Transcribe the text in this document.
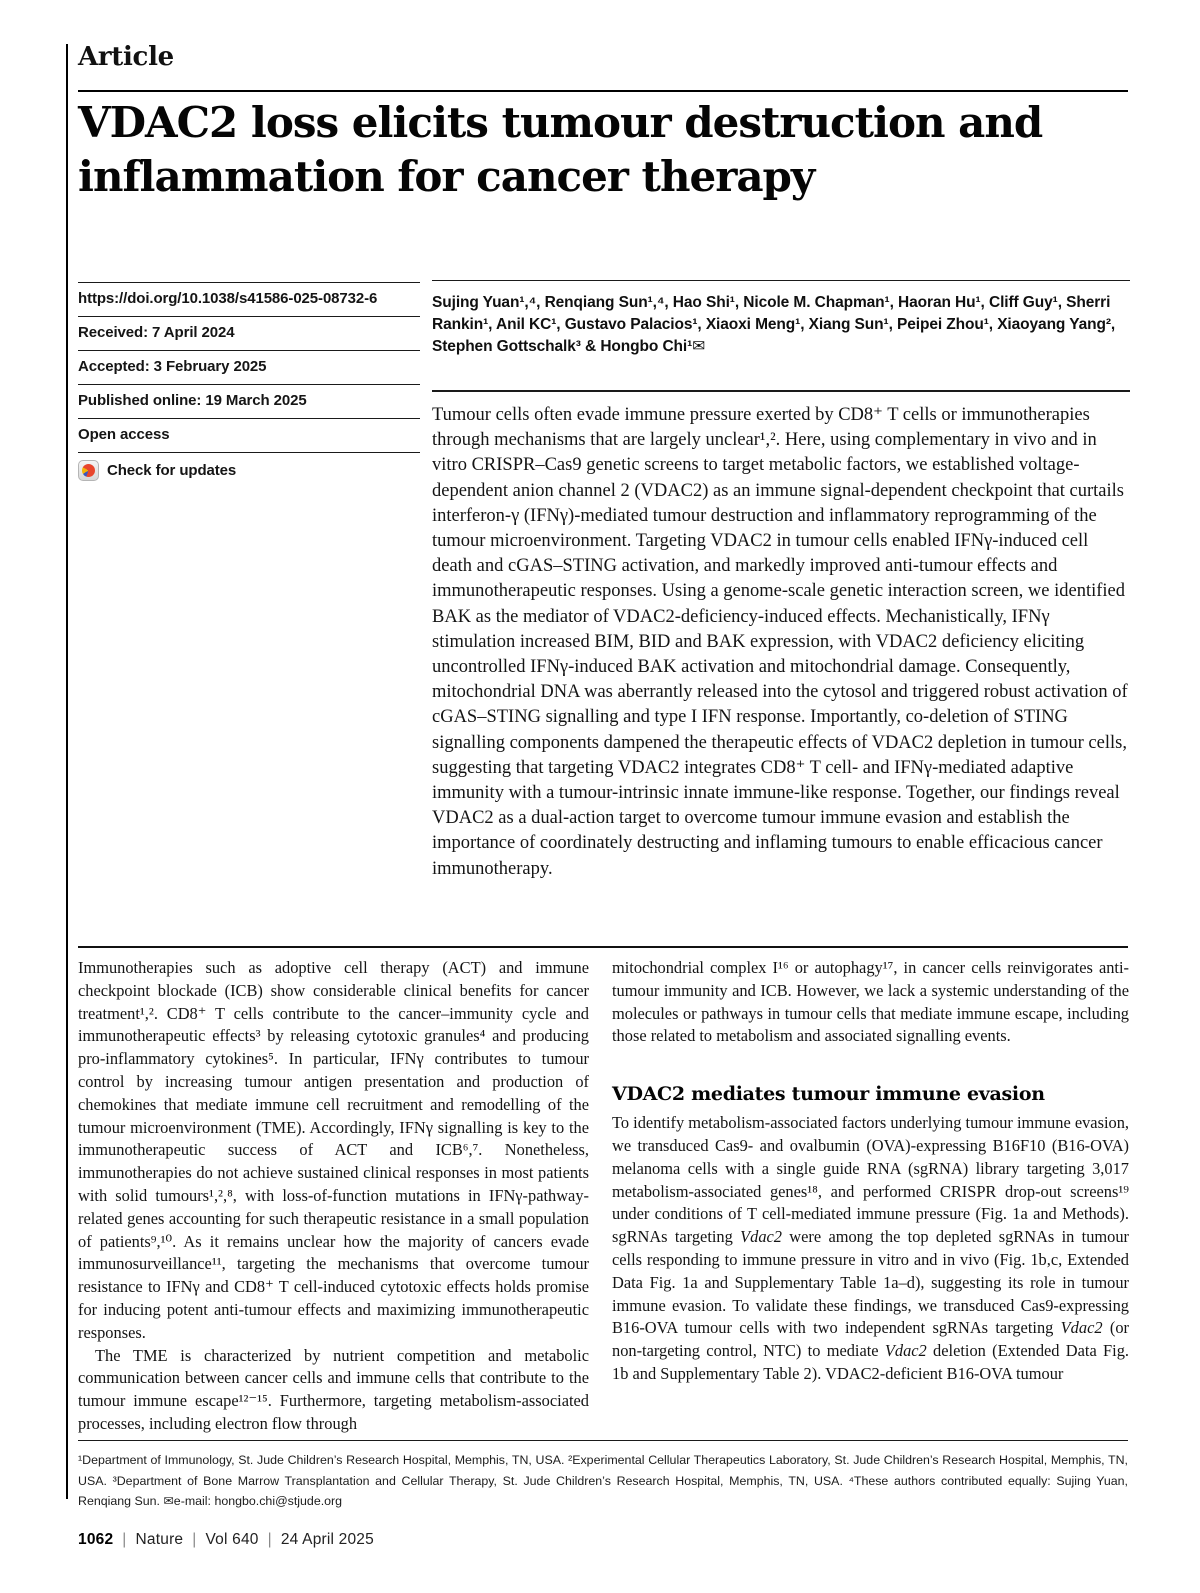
Article
VDAC2 loss elicits tumour destruction and inflammation for cancer therapy
https://doi.org/10.1038/s41586-025-08732-6
Received: 7 April 2024
Accepted: 3 February 2025
Published online: 19 March 2025
Open access
Check for updates
Sujing Yuan¹,⁴, Renqiang Sun¹,⁴, Hao Shi¹, Nicole M. Chapman¹, Haoran Hu¹, Cliff Guy¹, Sherri Rankin¹, Anil KC¹, Gustavo Palacios¹, Xiaoxi Meng¹, Xiang Sun¹, Peipei Zhou¹, Xiaoyang Yang², Stephen Gottschalk³ & Hongbo Chi¹✉
Tumour cells often evade immune pressure exerted by CD8⁺ T cells or immunotherapies through mechanisms that are largely unclear¹,². Here, using complementary in vivo and in vitro CRISPR–Cas9 genetic screens to target metabolic factors, we established voltage-dependent anion channel 2 (VDAC2) as an immune signal-dependent checkpoint that curtails interferon-γ (IFNγ)-mediated tumour destruction and inflammatory reprogramming of the tumour microenvironment. Targeting VDAC2 in tumour cells enabled IFNγ-induced cell death and cGAS–STING activation, and markedly improved anti-tumour effects and immunotherapeutic responses. Using a genome-scale genetic interaction screen, we identified BAK as the mediator of VDAC2-deficiency-induced effects. Mechanistically, IFNγ stimulation increased BIM, BID and BAK expression, with VDAC2 deficiency eliciting uncontrolled IFNγ-induced BAK activation and mitochondrial damage. Consequently, mitochondrial DNA was aberrantly released into the cytosol and triggered robust activation of cGAS–STING signalling and type I IFN response. Importantly, co-deletion of STING signalling components dampened the therapeutic effects of VDAC2 depletion in tumour cells, suggesting that targeting VDAC2 integrates CD8⁺ T cell- and IFNγ-mediated adaptive immunity with a tumour-intrinsic innate immune-like response. Together, our findings reveal VDAC2 as a dual-action target to overcome tumour immune evasion and establish the importance of coordinately destructing and inflaming tumours to enable efficacious cancer immunotherapy.

Immunotherapies such as adoptive cell therapy (ACT) and immune checkpoint blockade (ICB) show considerable clinical benefits for cancer treatment¹,². CD8⁺ T cells contribute to the cancer–immunity cycle and immunotherapeutic effects³ by releasing cytotoxic granules⁴ and producing pro-inflammatory cytokines⁵. In particular, IFNγ contributes to tumour control by increasing tumour antigen presentation and production of chemokines that mediate immune cell recruitment and remodelling of the tumour microenvironment (TME). Accordingly, IFNγ signalling is key to the immunotherapeutic success of ACT and ICB⁶,⁷. Nonetheless, immunotherapies do not achieve sustained clinical responses in most patients with solid tumours¹,²,⁸, with loss-of-function mutations in IFNγ-pathway-related genes accounting for such therapeutic resistance in a small population of patients⁹,¹⁰. As it remains unclear how the majority of cancers evade immunosurveillance¹¹, targeting the mechanisms that overcome tumour resistance to IFNγ and CD8⁺ T cell-induced cytotoxic effects holds promise for inducing potent anti-tumour effects and maximizing immunotherapeutic responses.

The TME is characterized by nutrient competition and metabolic communication between cancer cells and immune cells that contribute to the tumour immune escape¹²⁻¹⁵. Furthermore, targeting metabolism-associated processes, including electron flow through

mitochondrial complex I¹⁶ or autophagy¹⁷, in cancer cells reinvigorates anti-tumour immunity and ICB. However, we lack a systemic understanding of the molecules or pathways in tumour cells that mediate immune escape, including those related to metabolism and associated signalling events.

VDAC2 mediates tumour immune evasion

To identify metabolism-associated factors underlying tumour immune evasion, we transduced Cas9- and ovalbumin (OVA)-expressing B16F10 (B16-OVA) melanoma cells with a single guide RNA (sgRNA) library targeting 3,017 metabolism-associated genes¹⁸, and performed CRISPR drop-out screens¹⁹ under conditions of T cell-mediated immune pressure (Fig. 1a and Methods). sgRNAs targeting Vdac2 were among the top depleted sgRNAs in tumour cells responding to immune pressure in vitro and in vivo (Fig. 1b,c, Extended Data Fig. 1a and Supplementary Table 1a–d), suggesting its role in tumour immune evasion. To validate these findings, we transduced Cas9-expressing B16-OVA tumour cells with two independent sgRNAs targeting Vdac2 (or non-targeting control, NTC) to mediate Vdac2 deletion (Extended Data Fig. 1b and Supplementary Table 2). VDAC2-deficient B16-OVA tumour

¹Department of Immunology, St. Jude Children’s Research Hospital, Memphis, TN, USA. ²Experimental Cellular Therapeutics Laboratory, St. Jude Children’s Research Hospital, Memphis, TN, USA. ³Department of Bone Marrow Transplantation and Cellular Therapy, St. Jude Children’s Research Hospital, Memphis, TN, USA. ⁴These authors contributed equally: Sujing Yuan, Renqiang Sun. ✉e-mail: hongbo.chi@stjude.org
1062 | Nature | Vol 640 | 24 April 2025
